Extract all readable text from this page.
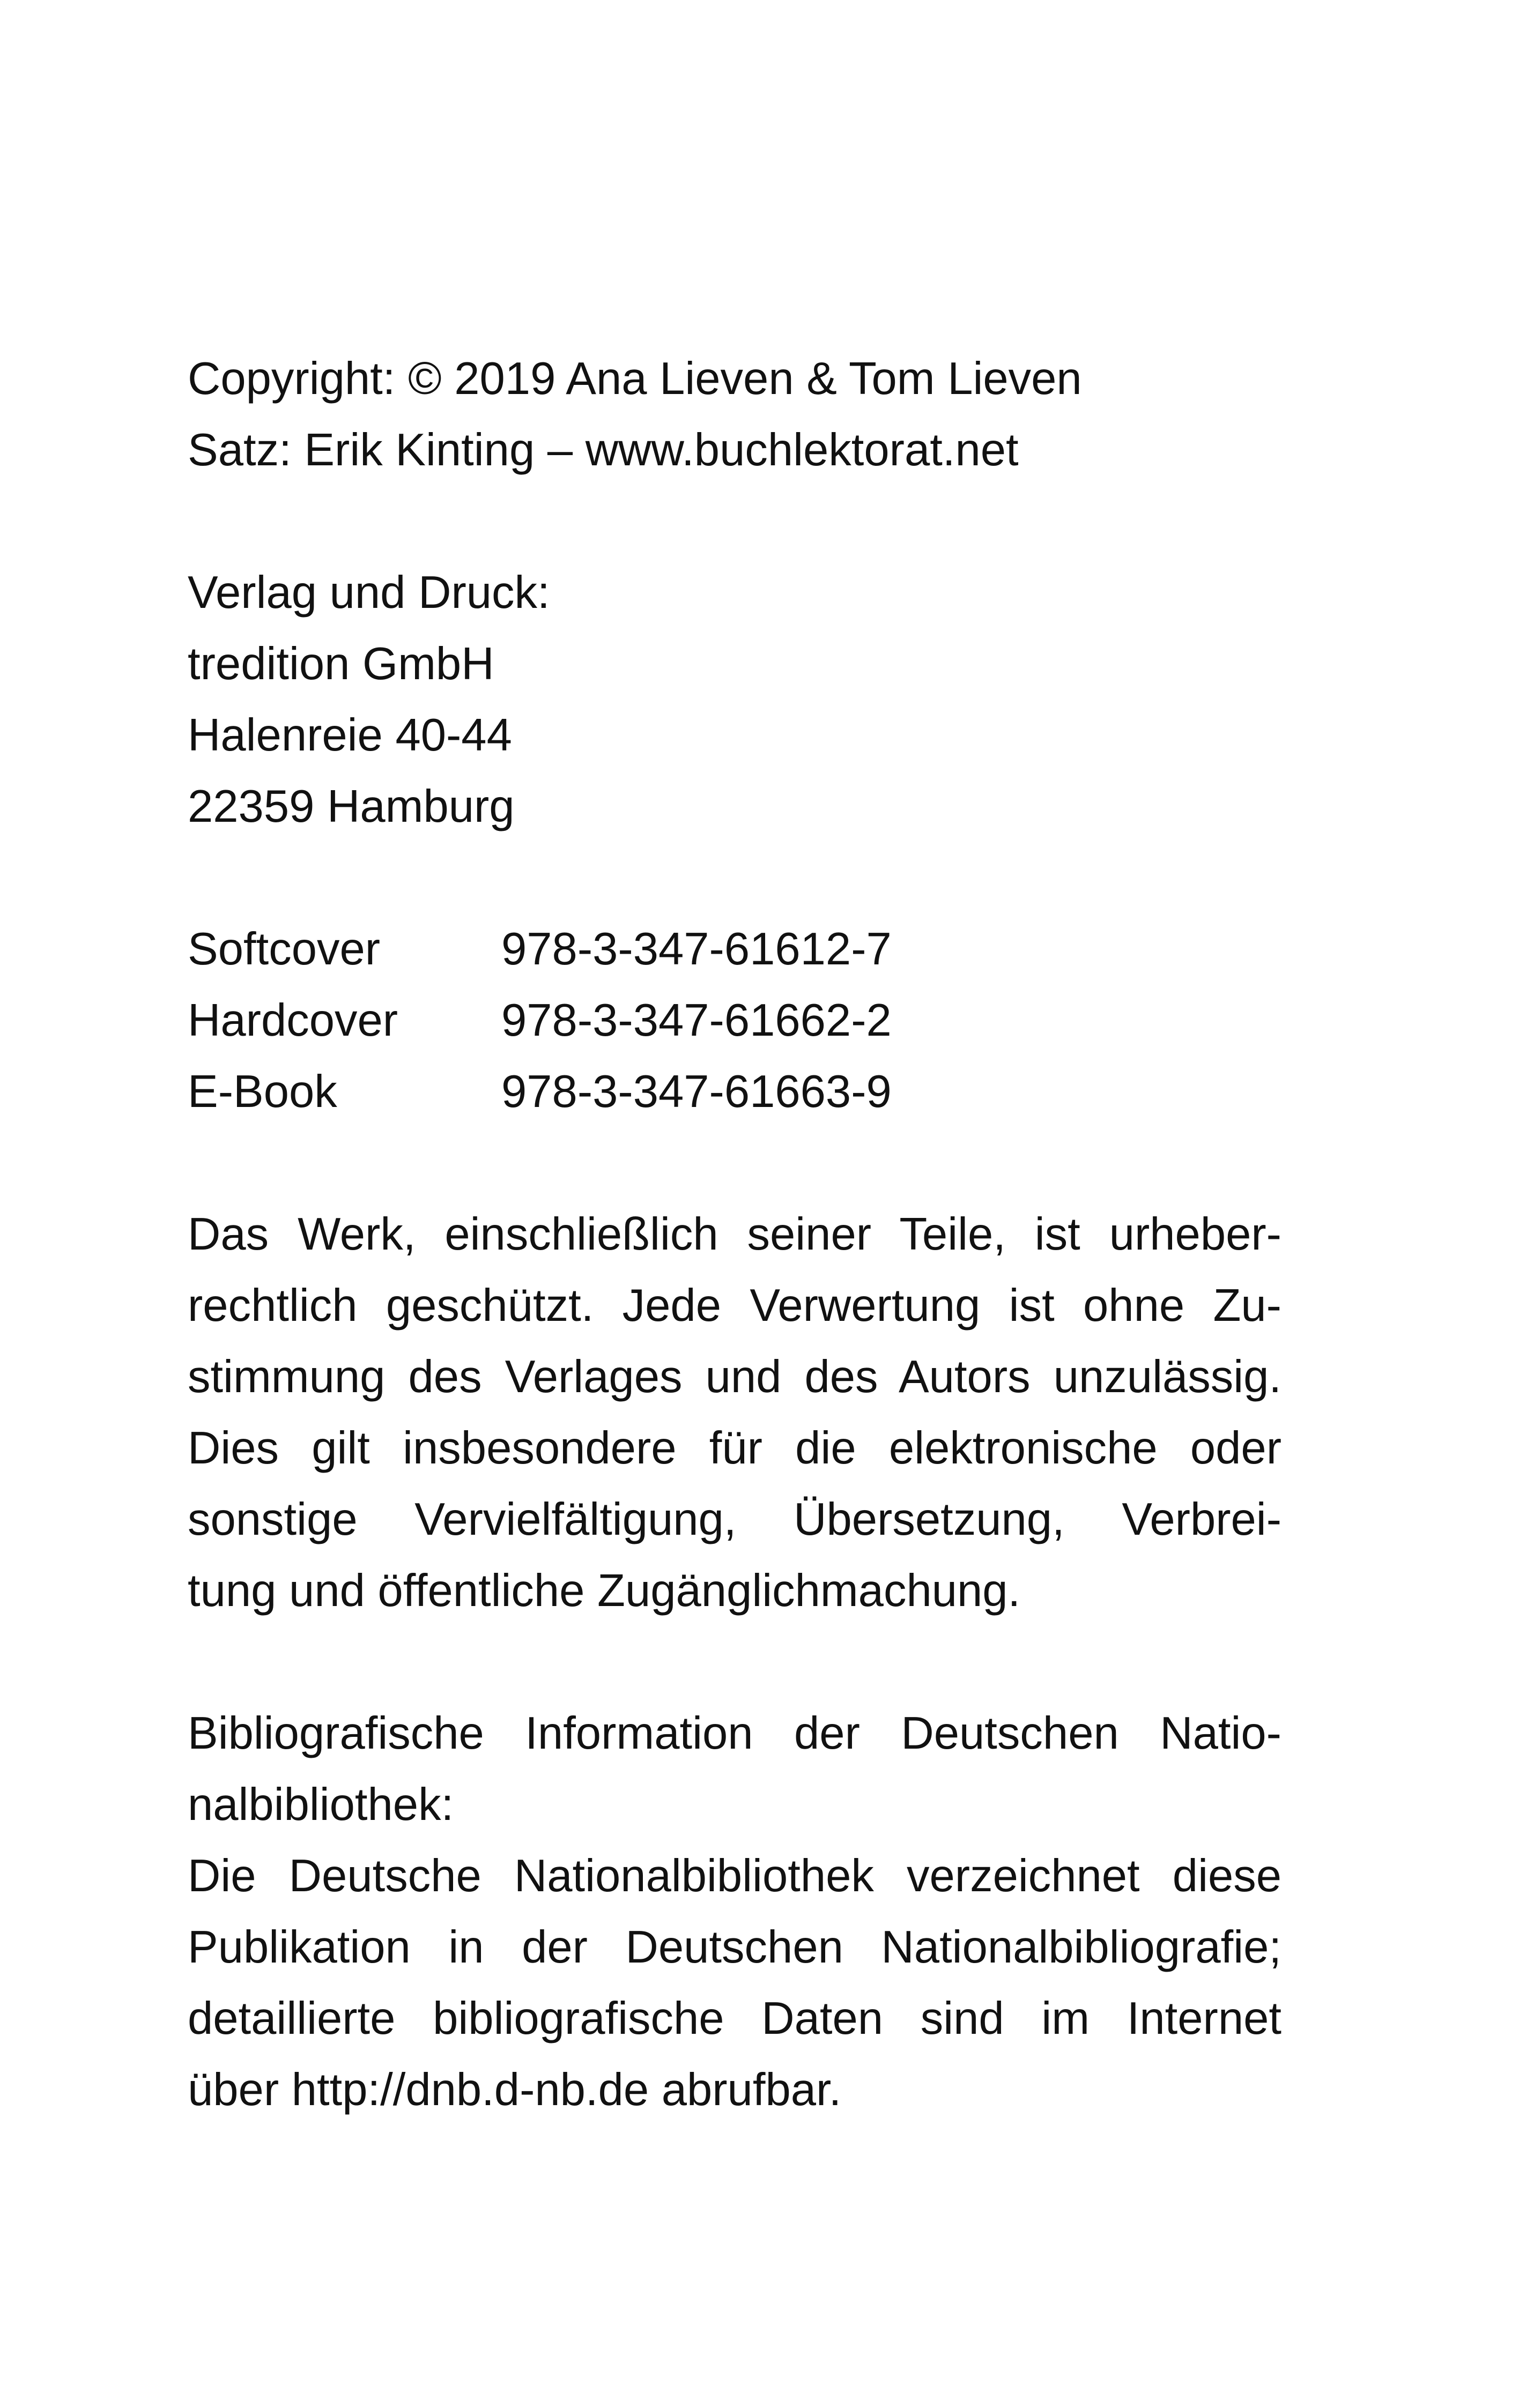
Copyright: © 2019 Ana Lieven & Tom Lieven
Satz: Erik Kinting – www.buchlektorat.net
Verlag und Druck:
tredition GmbH
Halenreie 40-44
22359 Hamburg
Softcover	978-3-347-61612-7
Hardcover	978-3-347-61662-2
E-Book	978-3-347-61663-9
Das Werk, einschließlich seiner Teile, ist urheber-
rechtlich geschützt. Jede Verwertung ist ohne Zu-
stimmung des Verlages und des Autors unzulässig.
Dies gilt insbesondere für die elektronische oder
sonstige Vervielfältigung, Übersetzung, Verbrei-
tung und öffentliche Zugänglichmachung.
Bibliografische Information der Deutschen Natio-
nalbibliothek:
Die Deutsche Nationalbibliothek verzeichnet diese
Publikation in der Deutschen Nationalbibliografie;
detaillierte bibliografische Daten sind im Internet
über http://dnb.d-nb.de abrufbar.
